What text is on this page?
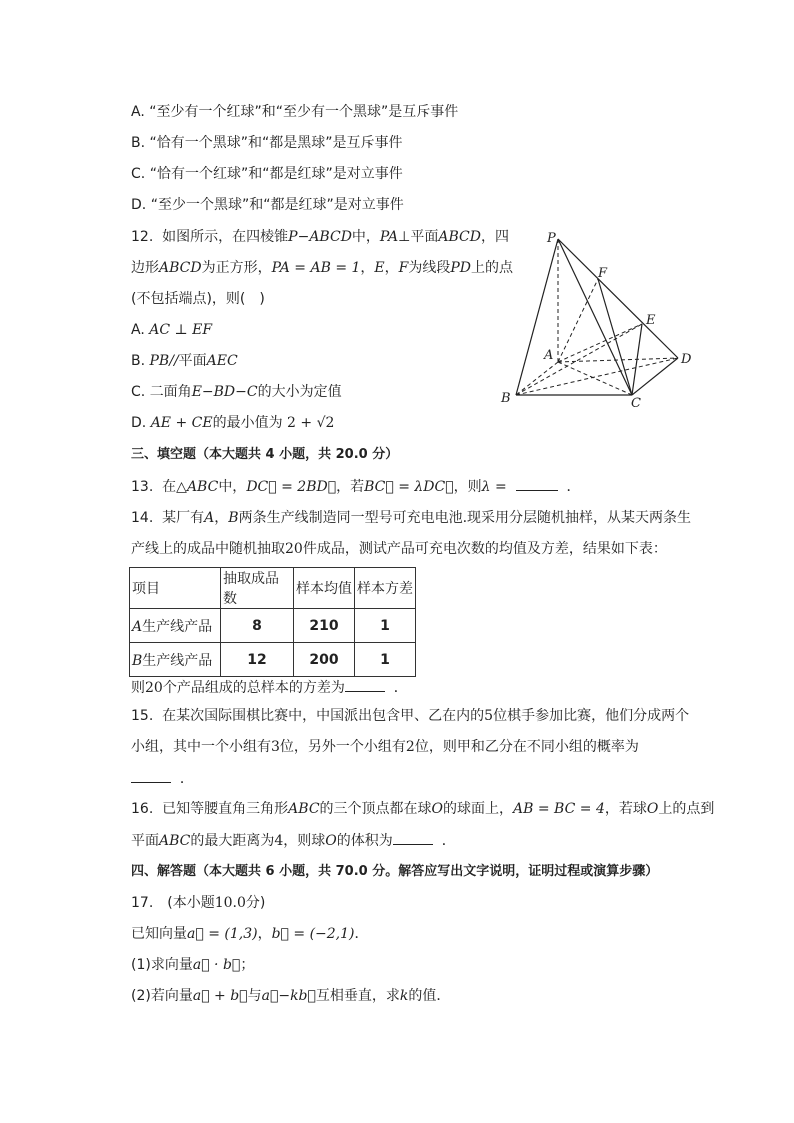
A. “至少有一个红球”和“至少有一个黑球”是互斥事件
B. “恰有一个黑球”和“都是黑球”是互斥事件
C. “恰有一个红球”和“都是红球”是对立事件
D. “至少一个黑球”和“都是红球”是对立事件
12. 如图所示，在四棱锥P−ABCD中，PA⊥平面ABCD，四
边形ABCD为正方形，PA = AB = 1，E，F为线段PD上的点
(不包括端点)，则(　)
A. AC ⊥ EF
B. PB//平面AEC
C. 二面角E−BD−C的大小为定值
D. AE + CE的最小值为 2 + √2
P
F
E
A	D
B	C
三、填空题（本大题共 4 小题，共 20.0 分）
13. 在△ABC中，DC⃗ = 2BD⃗，若BC⃗ = λDC⃗，则λ =	．
14. 某厂有A，B两条生产线制造同一型号可充电电池.现采用分层随机抽样，从某天两条生
产线上的成品中随机抽取20件成品，测试产品可充电次数的均值及方差，结果如下表：
项目	抽取成品数	样本均值	样本方差
A生产线产品	8	210	1
B生产线产品	12	200	1
则20个产品组成的总样本的方差为	．
15. 在某次国际围棋比赛中，中国派出包含甲、乙在内的5位棋手参加比赛，他们分成两个
小组，其中一个小组有3位，另外一个小组有2位，则甲和乙分在不同小组的概率为
．
16. 已知等腰直角三角形ABC的三个顶点都在球O的球面上，AB = BC = 4，若球O上的点到
平面ABC的最大距离为4，则球O的体积为	．
四、解答题（本大题共 6 小题，共 70.0 分。解答应写出文字说明，证明过程或演算步骤）
17.　(本小题10.0分)
已知向量a⃗ = (1,3)，b⃗ = (−2,1)．
(1)求向量a⃗ · b⃗；
(2)若向量a⃗ + b⃗与a⃗−kb⃗互相垂直，求k的值．
